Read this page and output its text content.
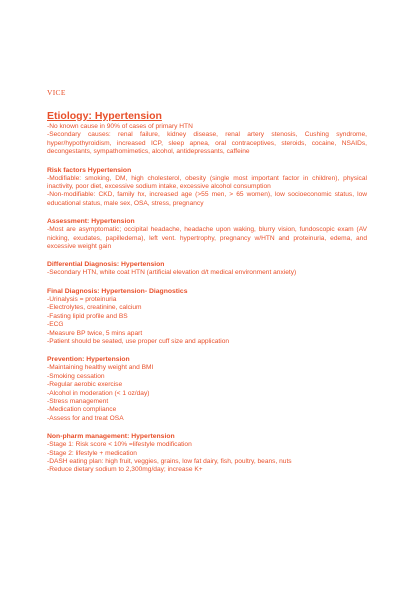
VICE
Etiology: Hypertension
-No known cause in 90% of cases of primary HTN
-Secondary causes: renal failure, kidney disease, renal artery stenosis, Cushing syndrome, hyper/hypothyroidism, increased ICP, sleep apnea, oral contraceptives, steroids, cocaine, NSAIDs, decongestants, sympathomimetics, alcohol, antidepressants, caffeine
Risk factors Hypertension
-Modifiable: smoking, DM, high cholesterol, obesity (single most important factor in children), physical inactivity, poor diet, excessive sodium intake, excessive alcohol consumption
-Non-modifiable: CKD, family hx, increased age (>55 men, > 65 women), low socioeconomic status, low educational status, male sex, OSA, stress, pregnancy
Assessment: Hypertension
-Most are asymptomatic; occipital headache, headache upon waking, blurry vision, fundoscopic exam (AV nicking, exudates, papilledema), left vent. hypertrophy, pregnancy w/HTN and proteinuria, edema, and excessive weight gain
Differential Diagnosis: Hypertension
-Secondary HTN, white coat HTN (artificial elevation d/t medical environment anxiety)
Final Diagnosis: Hypertension- Diagnostics
-Urinalysis = proteinuria
-Electrolytes, creatinine, calcium
-Fasting lipid profile and BS
-ECG
-Measure BP twice, 5 mins apart
-Patient should be seated, use proper cuff size and application
Prevention: Hypertension
-Maintaining healthy weight and BMI
-Smoking cessation
-Regular aerobic exercise
-Alcohol in moderation (< 1 oz/day)
-Stress management
-Medication compliance
-Assess for and treat OSA
Non-pharm management: Hypertension
-Stage 1: Risk score < 10% =lifestyle modification
-Stage 2: lifestyle + medication
-DASH eating plan: high fruit, veggies, grains, low fat dairy, fish, poultry, beans, nuts
-Reduce dietary sodium to 2,300mg/day; increase K+
